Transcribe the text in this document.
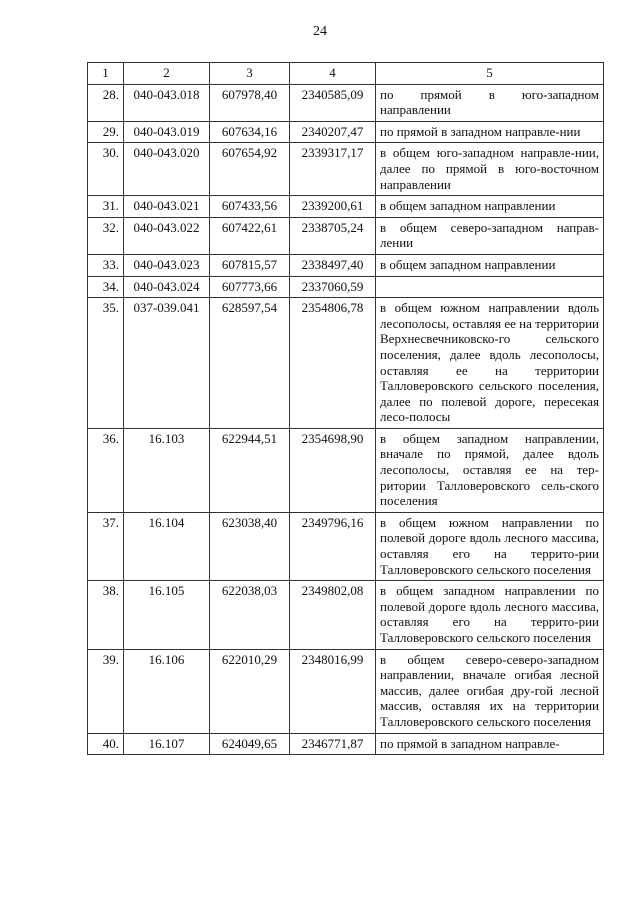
24
1	2	3	4	5
28.	040-043.018	607978,40	2340585,09	по прямой в юго-западном направлении
29.	040-043.019	607634,16	2340207,47	по прямой в западном направле-нии
30.	040-043.020	607654,92	2339317,17	в общем юго-западном направле-нии, далее по прямой в юго-восточном направлении
31.	040-043.021	607433,56	2339200,61	в общем западном направлении
32.	040-043.022	607422,61	2338705,24	в общем северо-западном направ-лении
33.	040-043.023	607815,57	2338497,40	в общем западном направлении
34.	040-043.024	607773,66	2337060,59	
35.	037-039.041	628597,54	2354806,78	в общем южном направлении вдоль лесополосы, оставляя ее на территории Верхнесвечниковско-го сельского поселения, далее вдоль лесополосы, оставляя ее на территории Талловеровского сельского поселения, далее по полевой дороге, пересекая лесо-полосы
36.	16.103	622944,51	2354698,90	в общем западном направлении, вначале по прямой, далее вдоль лесополосы, оставляя ее на тер-ритории Талловеровского сель-ского поселения
37.	16.104	623038,40	2349796,16	в общем южном направлении по полевой дороге вдоль лесного массива, оставляя его на террито-рии Талловеровского сельского поселения
38.	16.105	622038,03	2349802,08	в общем западном направлении по полевой дороге вдоль лесного массива, оставляя его на террито-рии Талловеровского сельского поселения
39.	16.106	622010,29	2348016,99	в общем северо-северо-западном направлении, вначале огибая лесной массив, далее огибая дру-гой лесной массив, оставляя их на территории Талловеровского сельского поселения
40.	16.107	624049,65	2346771,87	по прямой в западном направле-
